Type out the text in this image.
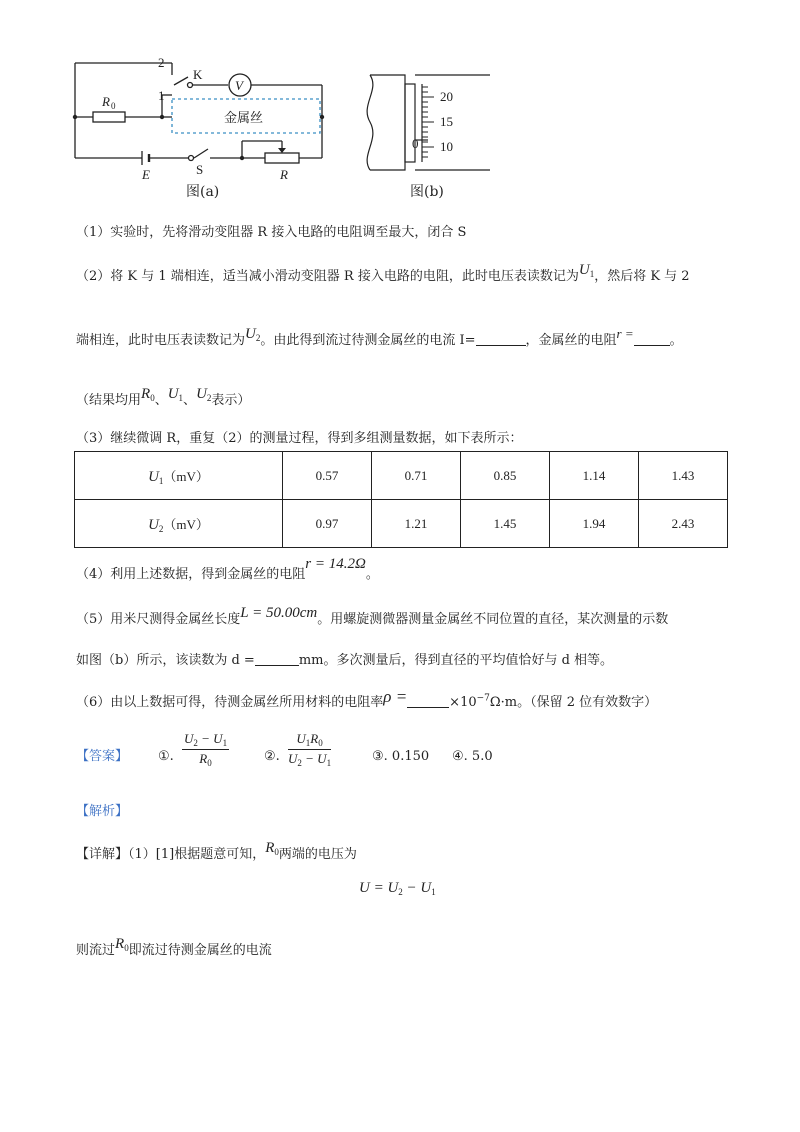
2
1
K
V
R 0
金属丝
E	S	R
图(a)
20
15
10
0
图(b)
（1）实验时，先将滑动变阻器 R 接入电路的电阻调至最大，闭合 S
（2）将 K 与 1 端相连，适当减小滑动变阻器 R 接入电路的电阻，此时电压表读数记为$U_1$，然后将 K 与 2
端相连，此时电压表读数记为$U_2$。由此得到流过待测金属丝的电流 I=	，金属丝的电阻r =	。
（结果均用$R_0$、$U_1$、$U_2$表示）
（3）继续微调 R，重复（2）的测量过程，得到多组测量数据，如下表所示：
$U_1(mV)$	0.57	0.71	0.85	1.14	1.43
$U_2(mV)$	0.97	1.21	1.45	1.94	2.43
（4）利用上述数据，得到金属丝的电阻r = 14.2Ω。
（5）用米尺测得金属丝长度L = 50.00cm。用螺旋测微器测量金属丝不同位置的直径，某次测量的示数
如图（b）所示，该读数为 d =	mm。多次测量后，得到直径的平均值恰好与 d 相等。
（6）由以上数据可得，待测金属丝所用材料的电阻率ρ =	$\times 10^{-7}\Omega\cdot m$。（保留 2 位有效数字）
【答案】 ①. $\frac{U_2 - U_1}{R_0}$	②. $\frac{U_1R_0}{U_2 - U_1}$	③. 0.150 ④. 5.0
【解析】
【详解】（1）[1]根据题意可知，$R_0$两端的电压为
$U = U_2 - U_1$
则流过$R_0$即流过待测金属丝的电流
